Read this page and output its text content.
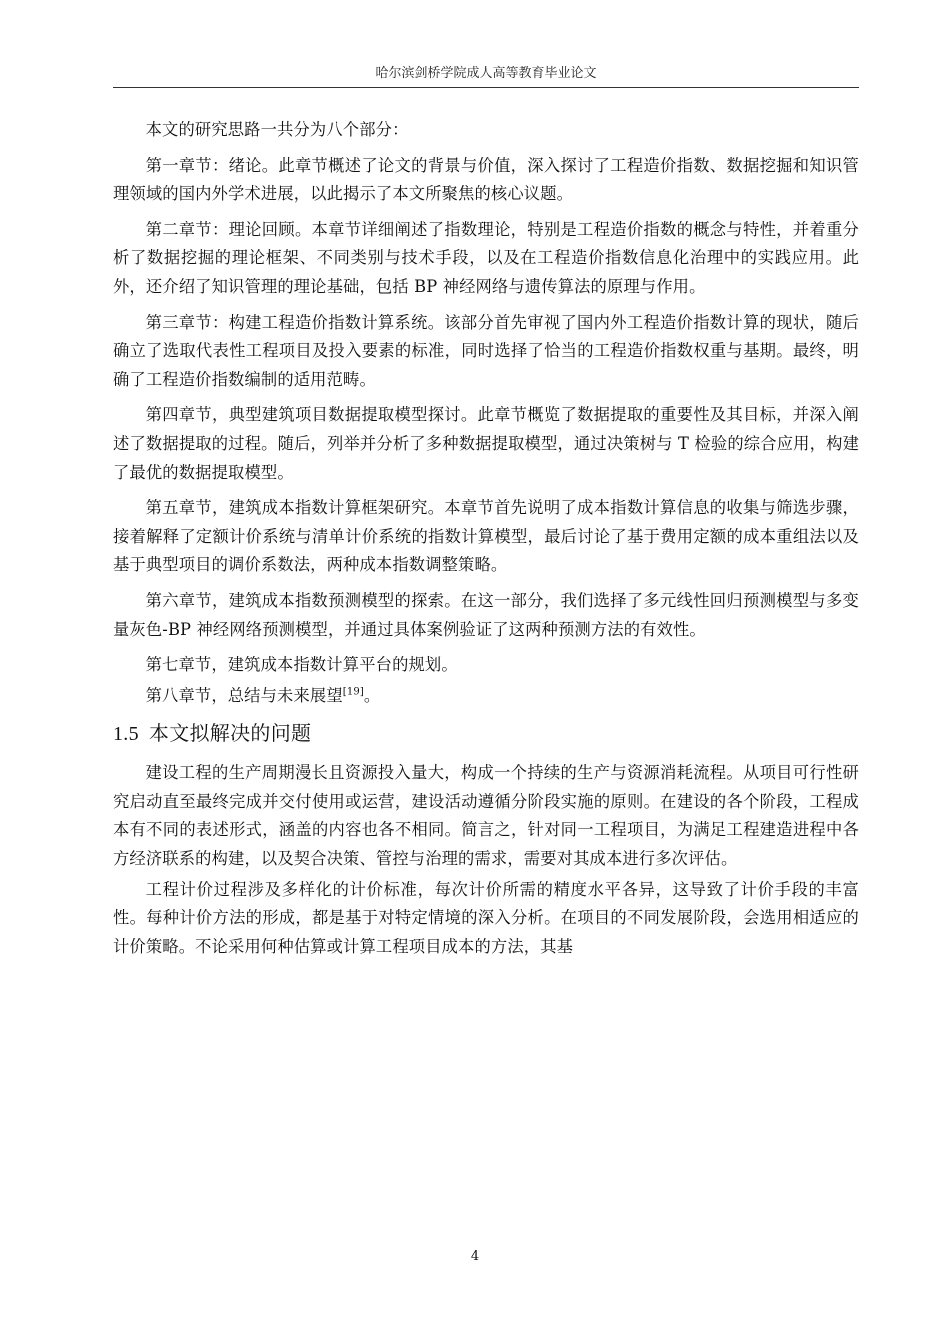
哈尔滨剑桥学院成人高等教育毕业论文

本文的研究思路一共分为八个部分：

第一章节：绪论。此章节概述了论文的背景与价值，深入探讨了工程造价指数、数据挖掘和知识管理领域的国内外学术进展，以此揭示了本文所聚焦的核心议题。

第二章节：理论回顾。本章节详细阐述了指数理论，特别是工程造价指数的概念与特性，并着重分析了数据挖掘的理论框架、不同类别与技术手段，以及在工程造价指数信息化治理中的实践应用。此外，还介绍了知识管理的理论基础，包括 BP 神经网络与遗传算法的原理与作用。

第三章节：构建工程造价指数计算系统。该部分首先审视了国内外工程造价指数计算的现状，随后确立了选取代表性工程项目及投入要素的标准，同时选择了恰当的工程造价指数权重与基期。最终，明确了工程造价指数编制的适用范畴。

第四章节，典型建筑项目数据提取模型探讨。此章节概览了数据提取的重要性及其目标，并深入阐述了数据提取的过程。随后，列举并分析了多种数据提取模型，通过决策树与 T 检验的综合应用，构建了最优的数据提取模型。

第五章节，建筑成本指数计算框架研究。本章节首先说明了成本指数计算信息的收集与筛选步骤，接着解释了定额计价系统与清单计价系统的指数计算模型，最后讨论了基于费用定额的成本重组法以及基于典型项目的调价系数法，两种成本指数调整策略。

第六章节，建筑成本指数预测模型的探索。在这一部分，我们选择了多元线性回归预测模型与多变量灰色-BP 神经网络预测模型，并通过具体案例验证了这两种预测方法的有效性。

第七章节，建筑成本指数计算平台的规划。

第八章节，总结与未来展望[19]。

1.5 本文拟解决的问题

建设工程的生产周期漫长且资源投入量大，构成一个持续的生产与资源消耗流程。从项目可行性研究启动直至最终完成并交付使用或运营，建设活动遵循分阶段实施的原则。在建设的各个阶段，工程成本有不同的表述形式，涵盖的内容也各不相同。简言之，针对同一工程项目，为满足工程建造进程中各方经济联系的构建，以及契合决策、管控与治理的需求，需要对其成本进行多次评估。

工程计价过程涉及多样化的计价标准，每次计价所需的精度水平各异，这导致了计价手段的丰富性。每种计价方法的形成，都是基于对特定情境的深入分析。在项目的不同发展阶段，会选用相适应的计价策略。不论采用何种估算或计算工程项目成本的方法，其基

4
